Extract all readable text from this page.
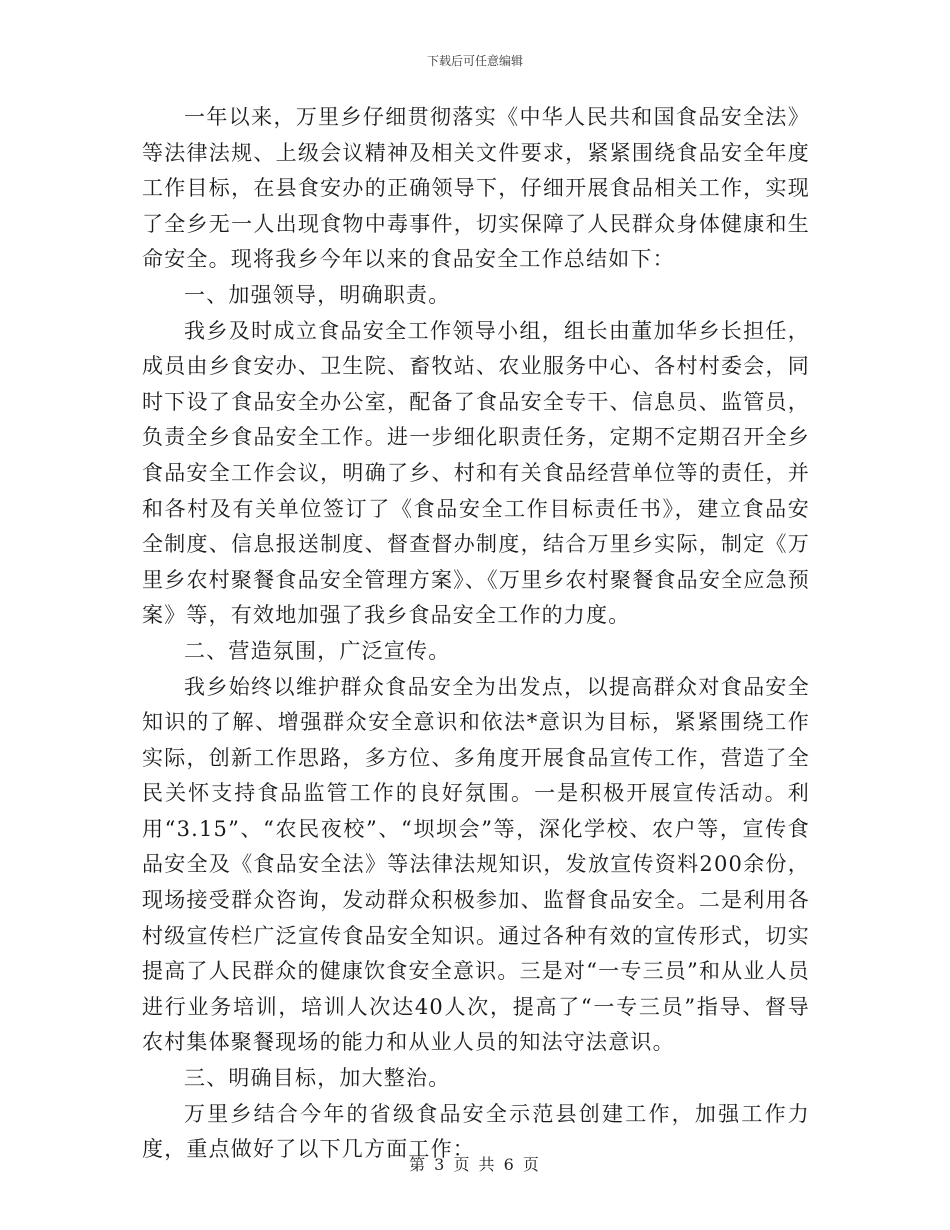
下载后可任意编辑

一年以来，万里乡仔细贯彻落实《中华人民共和国食品安全法》等法律法规、上级会议精神及相关文件要求，紧紧围绕食品安全年度工作目标，在县食安办的正确领导下，仔细开展食品相关工作，实现了全乡无一人出现食物中毒事件，切实保障了人民群众身体健康和生命安全。现将我乡今年以来的食品安全工作总结如下：

一、加强领导，明确职责。

我乡及时成立食品安全工作领导小组，组长由董加华乡长担任，成员由乡食安办、卫生院、畜牧站、农业服务中心、各村村委会，同时下设了食品安全办公室，配备了食品安全专干、信息员、监管员，负责全乡食品安全工作。进一步细化职责任务，定期不定期召开全乡食品安全工作会议，明确了乡、村和有关食品经营单位等的责任，并和各村及有关单位签订了《食品安全工作目标责任书》，建立食品安全制度、信息报送制度、督查督办制度，结合万里乡实际，制定《万里乡农村聚餐食品安全管理方案》、《万里乡农村聚餐食品安全应急预案》等，有效地加强了我乡食品安全工作的力度。

二、营造氛围，广泛宣传。

我乡始终以维护群众食品安全为出发点，以提高群众对食品安全知识的了解、增强群众安全意识和依法*意识为目标，紧紧围绕工作实际，创新工作思路，多方位、多角度开展食品宣传工作，营造了全民关怀支持食品监管工作的良好氛围。一是积极开展宣传活动。利用“3.15”、“农民夜校”、“坝坝会”等，深化学校、农户等，宣传食品安全及《食品安全法》等法律法规知识，发放宣传资料200余份，现场接受群众咨询，发动群众积极参加、监督食品安全。二是利用各村级宣传栏广泛宣传食品安全知识。通过各种有效的宣传形式，切实提高了人民群众的健康饮食安全意识。三是对“一专三员”和从业人员进行业务培训，培训人次达40人次，提高了“一专三员”指导、督导农村集体聚餐现场的能力和从业人员的知法守法意识。

三、明确目标，加大整治。

万里乡结合今年的省级食品安全示范县创建工作，加强工作力度，重点做好了以下几方面工作：

第 3 页 共 6 页
